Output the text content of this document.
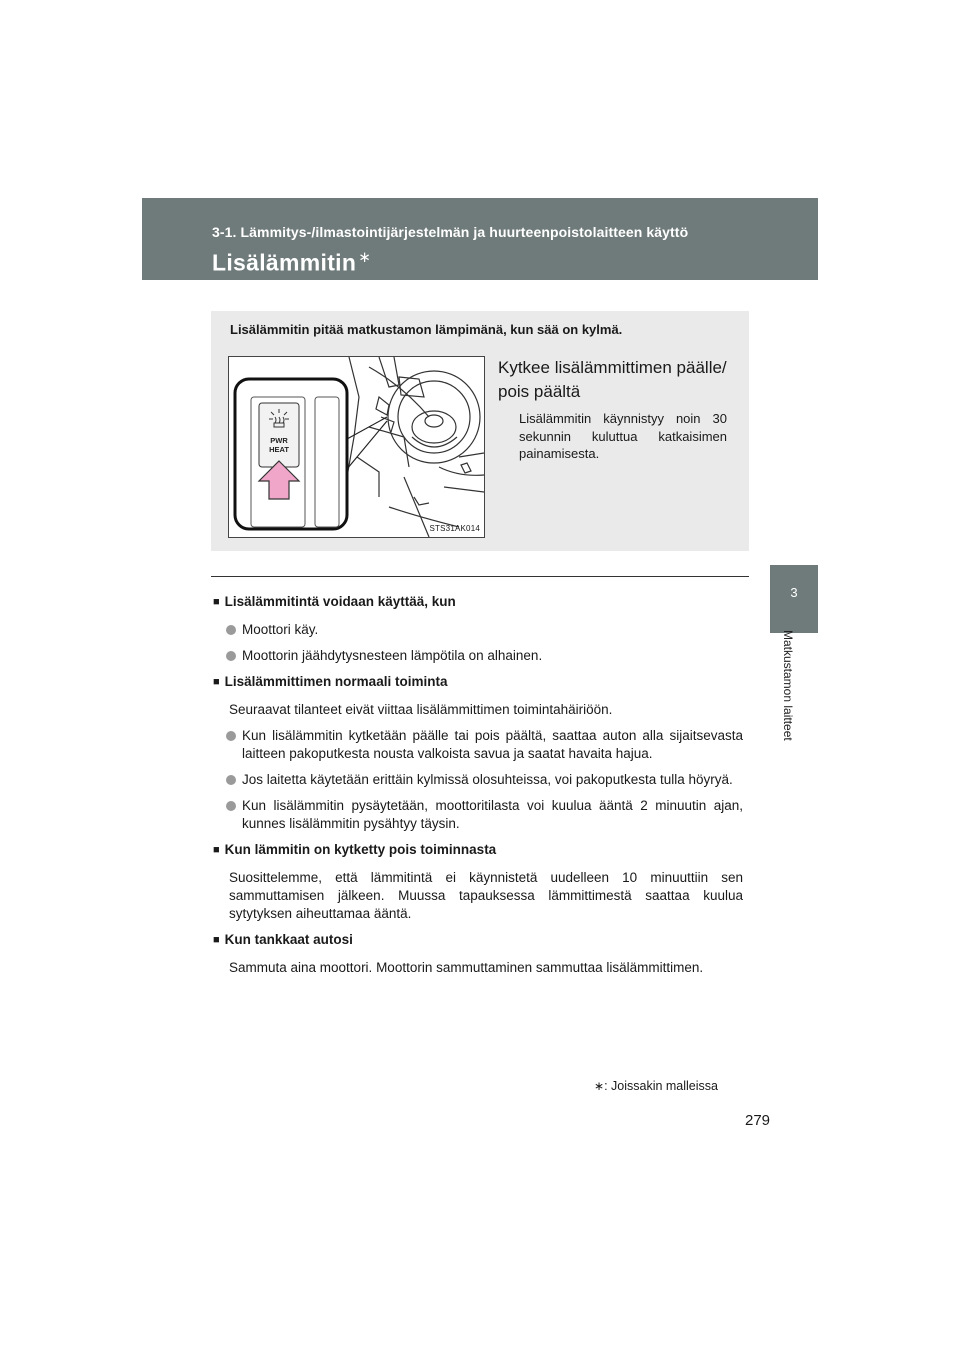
3-1. Lämmitys-/ilmastointijärjestelmän ja huurteenpoistolaitteen käyttö
Lisälämmitin ∗
3
Matkustamon laitteet
Lisälämmitin pitää matkustamon lämpimänä, kun sää on kylmä.
PWR
HEAT
STS31AK014
Kytkee lisälämmittimen päälle/ pois päältä
Lisälämmitin käynnistyy noin 30 sekunnin kuluttua katkaisimen painamisesta.
■ Lisälämmitintä voidaan käyttää, kun
Moottori käy.
Moottorin jäähdytysnesteen lämpötila on alhainen.
■ Lisälämmittimen normaali toiminta
Seuraavat tilanteet eivät viittaa lisälämmittimen toimintahäiriöön.
Kun lisälämmitin kytketään päälle tai pois päältä, saattaa auton alla sijaitsevasta laitteen pakoputkesta nousta valkoista savua ja saatat havaita hajua.
Jos laitetta käytetään erittäin kylmissä olosuhteissa, voi pakoputkesta tulla höyryä.
Kun lisälämmitin pysäytetään, moottoritilasta voi kuulua ääntä 2 minuutin ajan, kunnes lisälämmitin pysähtyy täysin.
■ Kun lämmitin on kytketty pois toiminnasta
Suosittelemme, että lämmitintä ei käynnistetä uudelleen 10 minuuttiin sen sammuttamisen jälkeen. Muussa tapauksessa lämmittimestä saattaa kuulua sytytyksen aiheuttamaa ääntä.
■ Kun tankkaat autosi
Sammuta aina moottori. Moottorin sammuttaminen sammuttaa lisälämmittimen.
∗: Joissakin malleissa
279
